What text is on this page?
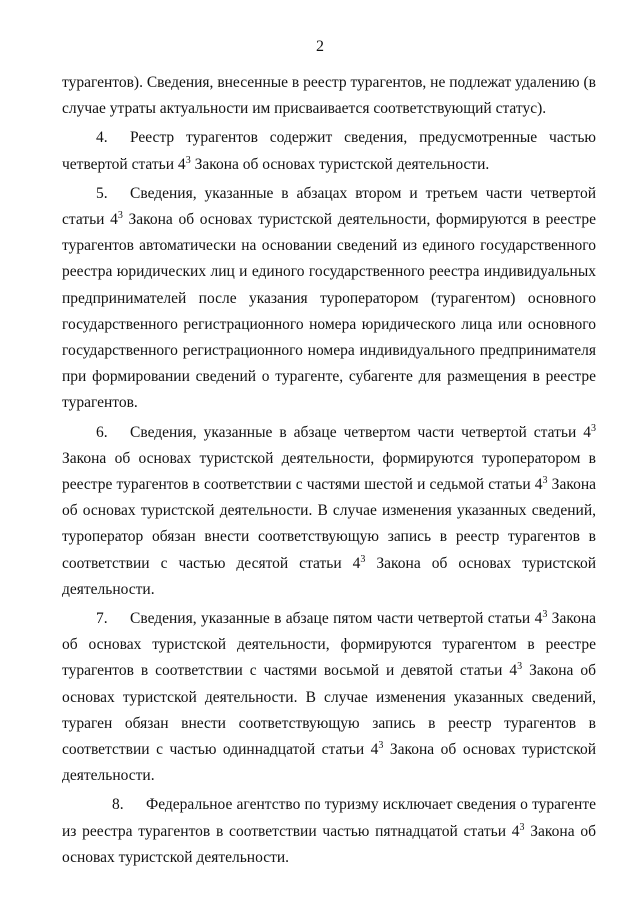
2

турагентов). Сведения, внесенные в реестр турагентов, не подлежат удалению (в случае утраты актуальности им присваивается соответствующий статус).

4. Реестр турагентов содержит сведения, предусмотренные частью четвертой статьи $4^3$ Закона об основах туристской деятельности.

5. Сведения, указанные в абзацах втором и третьем части четвертой статьи $4^3$ Закона об основах туристской деятельности, формируются в реестре турагентов автоматически на основании сведений из единого государственного реестра юридических лиц и единого государственного реестра индивидуальных предпринимателей после указания туроператором (турагентом) основного государственного регистрационного номера юридического лица или основного государственного регистрационного номера индивидуального предпринимателя при формировании сведений о турагенте, субагенте для размещения в реестре турагентов.

6. Сведения, указанные в абзаце четвертом части четвертой статьи $4^3$ Закона об основах туристской деятельности, формируются туроператором в реестре турагентов в соответствии с частями шестой и седьмой статьи $4^3$ Закона об основах туристской деятельности. В случае изменения указанных сведений, туроператор обязан внести соответствующую запись в реестр турагентов в соответствии с частью десятой статьи $4^3$ Закона об основах туристской деятельности.

7. Сведения, указанные в абзаце пятом части четвертой статьи $4^3$ Закона об основах туристской деятельности, формируются турагентом в реестре турагентов в соответствии с частями восьмой и девятой статьи $4^3$ Закона об основах туристской деятельности. В случае изменения указанных сведений, тураген обязан внести соответствующую запись в реестр турагентов в соответствии с частью одиннадцатой статьи $4^3$ Закона об основах туристской деятельности.

8. Федеральное агентство по туризму исключает сведения о турагенте из реестра турагентов в соответствии частью пятнадцатой статьи $4^3$ Закона об основах туристской деятельности.
